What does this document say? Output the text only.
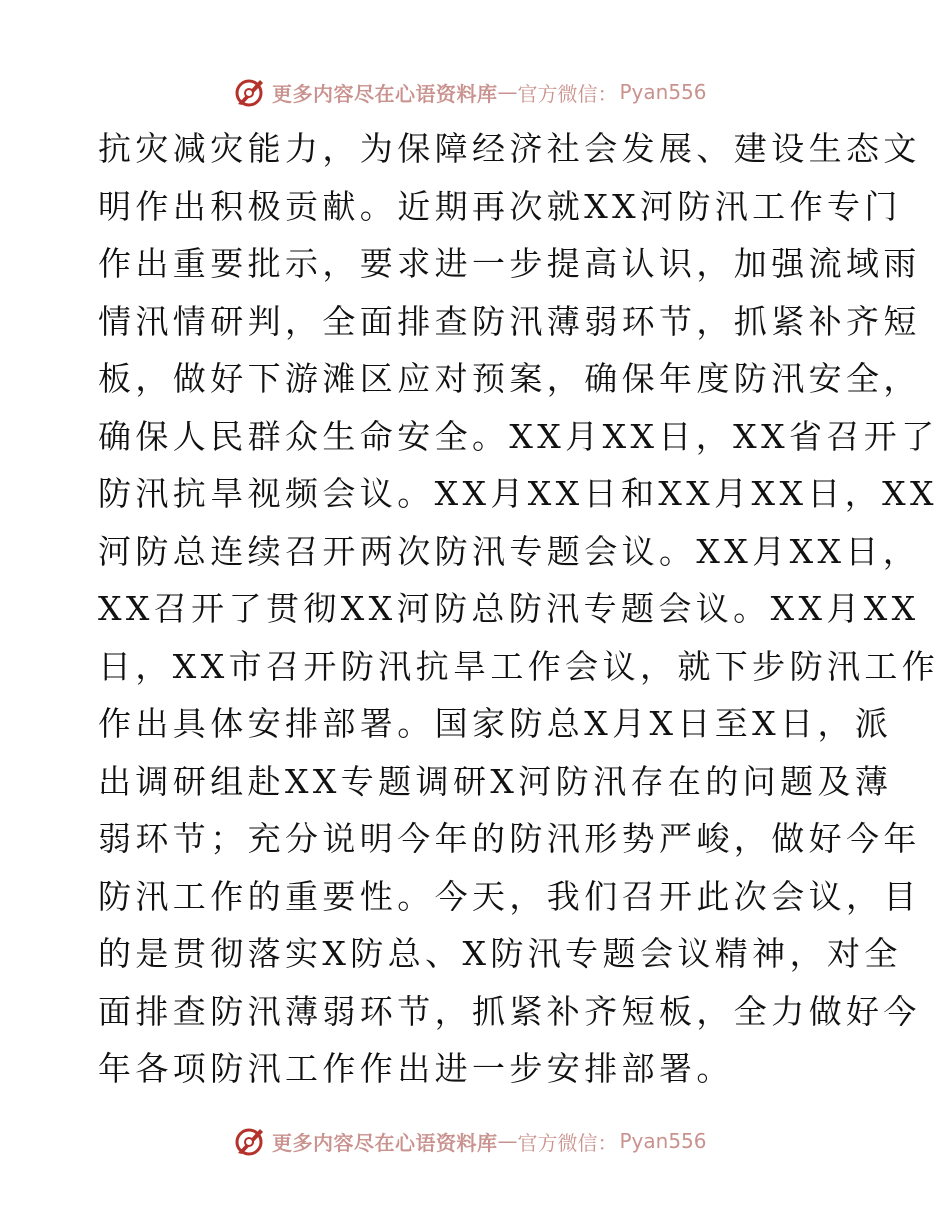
更多内容尽在心语资料库 — 官方微信： Pyan556
抗灾减灾能力，为保障经济社会发展、建设生态文
明作出积极贡献。近期再次就XX河防汛工作专门
作出重要批示，要求进一步提高认识，加强流域雨
情汛情研判，全面排查防汛薄弱环节，抓紧补齐短
板，做好下游滩区应对预案，确保年度防汛安全，
确保人民群众生命安全。XX月XX日，XX省召开了
防汛抗旱视频会议。XX月XX日和XX月XX日，XX
河防总连续召开两次防汛专题会议。XX月XX日，
XX召开了贯彻XX河防总防汛专题会议。XX月XX
日，XX市召开防汛抗旱工作会议，就下步防汛工作
作出具体安排部署。国家防总X月X日至X日，派
出调研组赴XX专题调研X河防汛存在的问题及薄
弱环节；充分说明今年的防汛形势严峻，做好今年
防汛工作的重要性。今天，我们召开此次会议，目
的是贯彻落实X防总、X防汛专题会议精神，对全
面排查防汛薄弱环节，抓紧补齐短板，全力做好今
年各项防汛工作作出进一步安排部署。
更多内容尽在心语资料库 — 官方微信： Pyan556
